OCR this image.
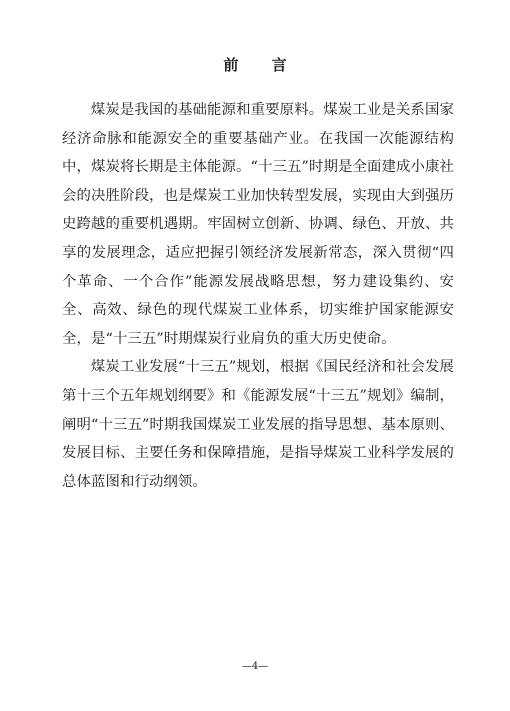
前 言

煤炭是我国的基础能源和重要原料。煤炭工业是关系国家经济命脉和能源安全的重要基础产业。在我国一次能源结构中，煤炭将长期是主体能源。“十三五”时期是全面建成小康社会的决胜阶段，也是煤炭工业加快转型发展，实现由大到强历史跨越的重要机遇期。牢固树立创新、协调、绿色、开放、共享的发展理念，适应把握引领经济发展新常态，深入贯彻“四个革命、一个合作”能源发展战略思想，努力建设集约、安全、高效、绿色的现代煤炭工业体系，切实维护国家能源安全，是“十三五”时期煤炭行业肩负的重大历史使命。

煤炭工业发展“十三五”规划，根据《国民经济和社会发展第十三个五年规划纲要》和《能源发展“十三五”规划》编制，阐明“十三五”时期我国煤炭工业发展的指导思想、基本原则、发展目标、主要任务和保障措施，是指导煤炭工业科学发展的总体蓝图和行动纲领。

—4—
